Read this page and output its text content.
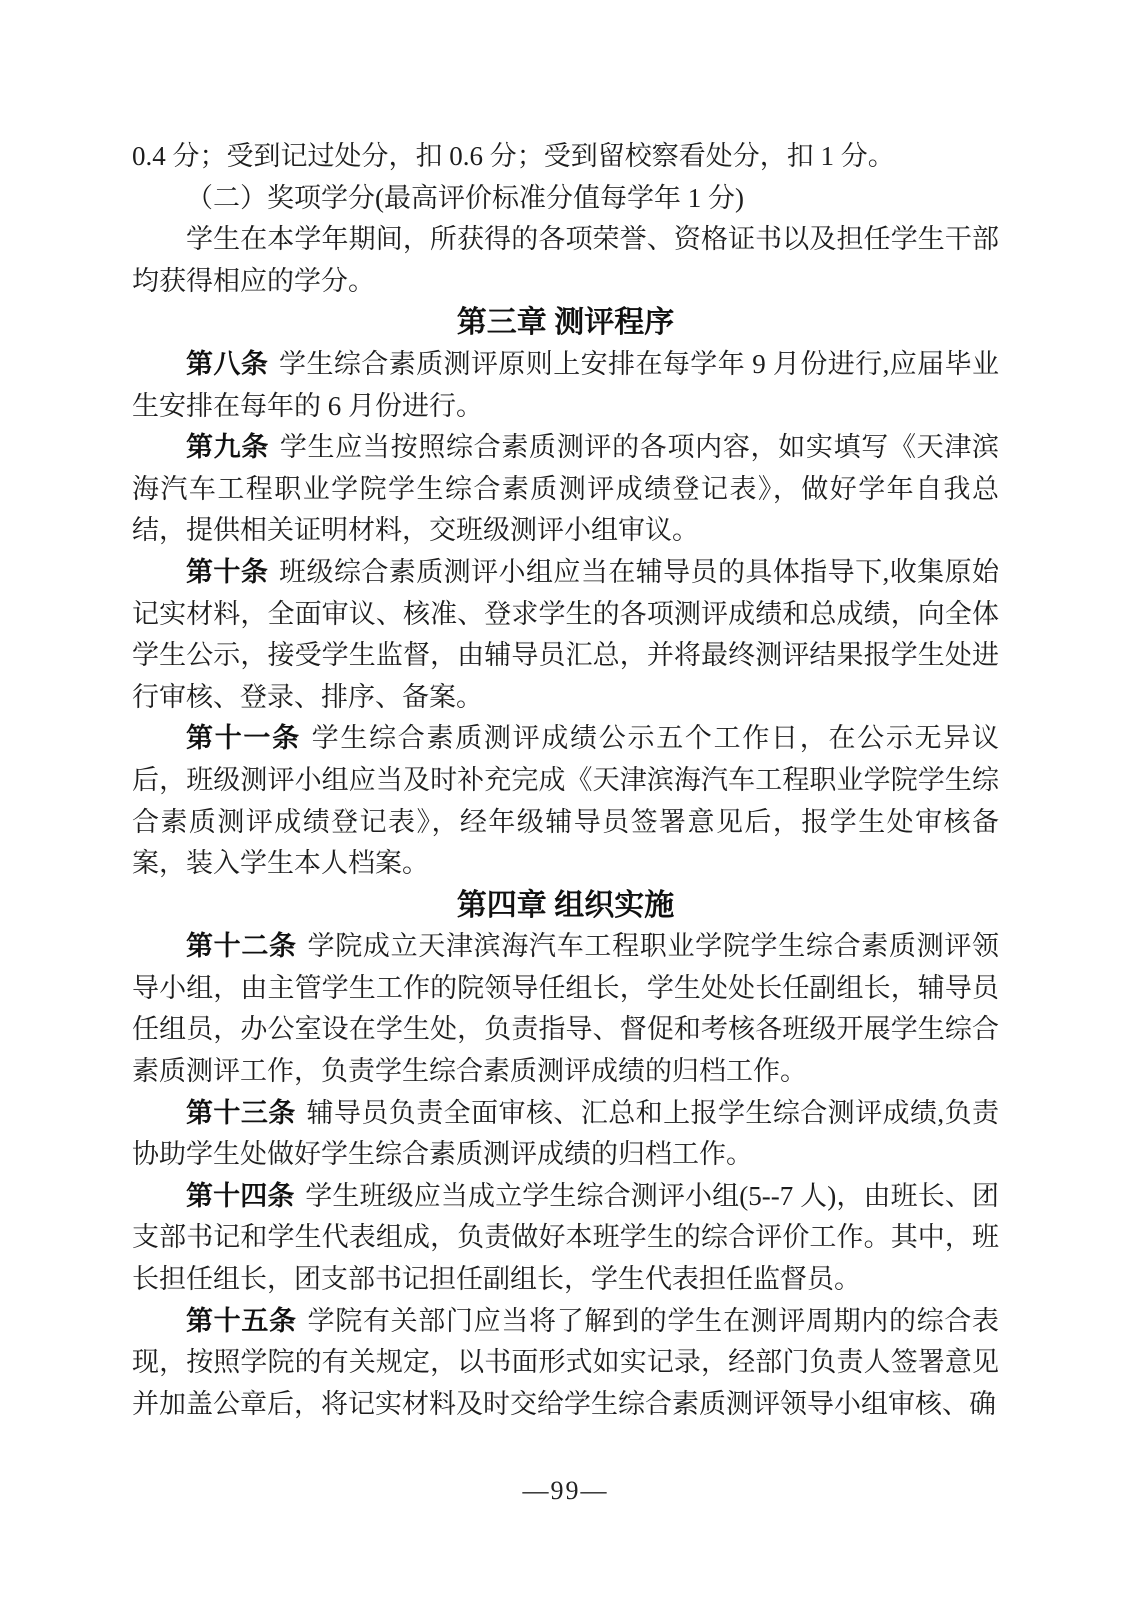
0.4 分；受到记过处分，扣 0.6 分；受到留校察看处分，扣 1 分。

（二）奖项学分(最高评价标准分值每学年 1 分)

学生在本学年期间，所获得的各项荣誉、资格证书以及担任学生干部均获得相应的学分。

第三章 测评程序

第八条 学生综合素质测评原则上安排在每学年 9 月份进行,应届毕业生安排在每年的 6 月份进行。

第九条 学生应当按照综合素质测评的各项内容，如实填写《天津滨海汽车工程职业学院学生综合素质测评成绩登记表》，做好学年自我总结，提供相关证明材料，交班级测评小组审议。

第十条 班级综合素质测评小组应当在辅导员的具体指导下,收集原始记实材料，全面审议、核准、登求学生的各项测评成绩和总成绩，向全体学生公示，接受学生监督，由辅导员汇总，并将最终测评结果报学生处进行审核、登录、排序、备案。

第十一条 学生综合素质测评成绩公示五个工作日，在公示无异议后，班级测评小组应当及时补充完成《天津滨海汽车工程职业学院学生综合素质测评成绩登记表》，经年级辅导员签署意见后，报学生处审核备案，装入学生本人档案。

第四章 组织实施

第十二条 学院成立天津滨海汽车工程职业学院学生综合素质测评领导小组，由主管学生工作的院领导任组长，学生处处长任副组长，辅导员任组员，办公室设在学生处，负责指导、督促和考核各班级开展学生综合素质测评工作，负责学生综合素质测评成绩的归档工作。

第十三条 辅导员负责全面审核、汇总和上报学生综合测评成绩,负责协助学生处做好学生综合素质测评成绩的归档工作。

第十四条 学生班级应当成立学生综合测评小组(5--7 人)，由班长、团支部书记和学生代表组成，负责做好本班学生的综合评价工作。其中，班长担任组长，团支部书记担任副组长，学生代表担任监督员。

第十五条 学院有关部门应当将了解到的学生在测评周期内的综合表现，按照学院的有关规定，以书面形式如实记录，经部门负责人签署意见并加盖公章后，将记实材料及时交给学生综合素质测评领导小组审核、确

—99—
